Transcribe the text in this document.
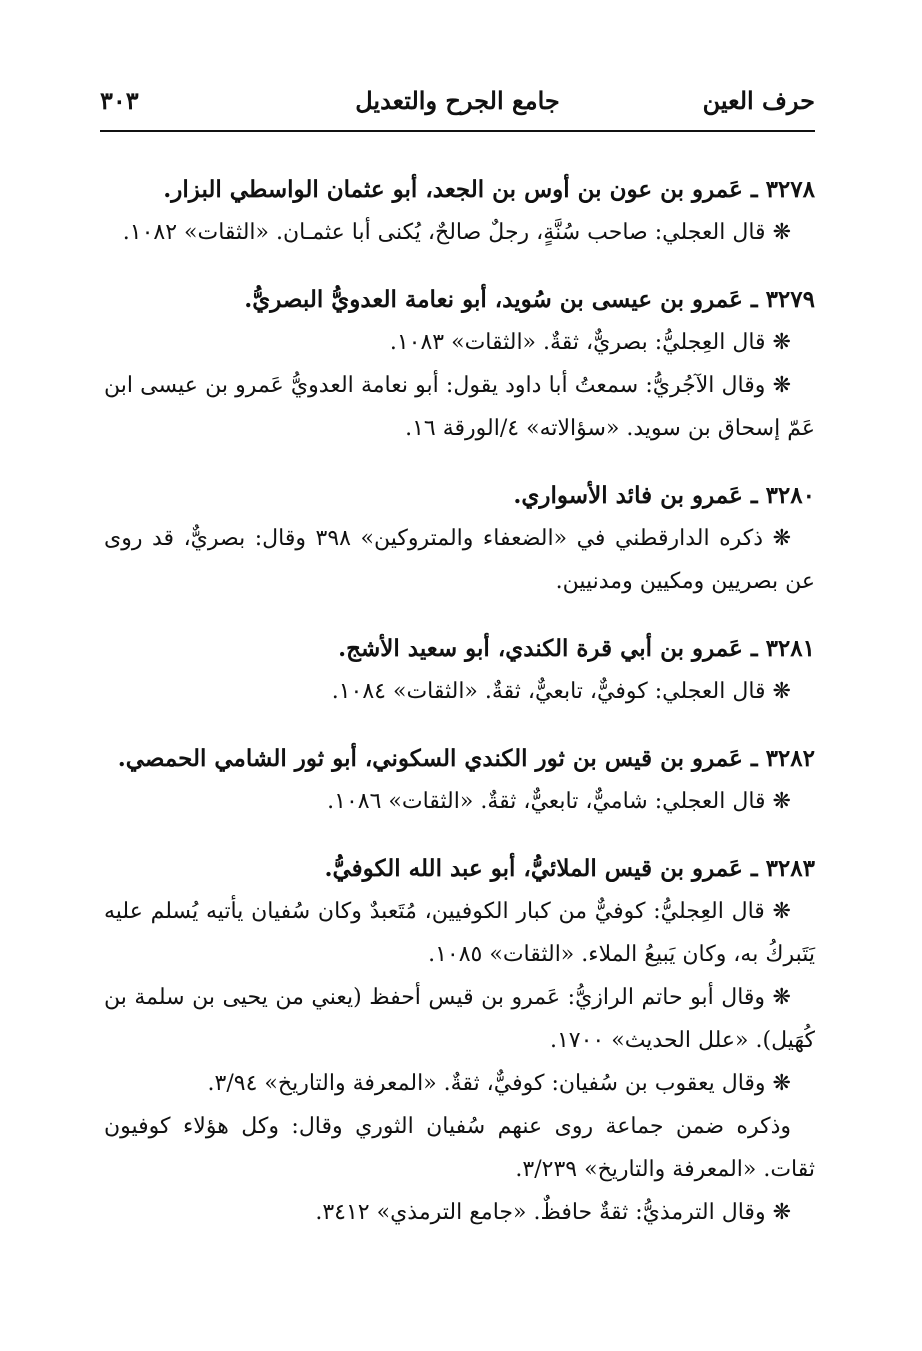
حرف العين
جامع الجرح والتعديل
٣٠٣
٣٢٧٨ ـ عَمرو بن عون بن أوس بن الجعد، أبو عثمان الواسطي البزار.
❋ قال العجلي: صاحب سُنَّةٍ، رجلٌ صالحٌ، يُكنى أبا عثمـان. «الثقات» ١٠٨٢.
٣٢٧٩ ـ عَمرو بن عيسى بن سُويد، أبو نعامة العدويُّ البصريُّ.
❋ قال العِجليُّ: بصريٌّ، ثقةٌ. «الثقات» ١٠٨٣.
❋ وقال الآجُريُّ: سمعتُ أبا داود يقول: أبو نعامة العدويُّ عَمرو بن عيسى ابن عَمّ إسحاق بن سويد. «سؤالاته» ٤/الورقة ١٦.
٣٢٨٠ ـ عَمرو بن فائد الأسواري.
❋ ذكره الدارقطني في «الضعفاء والمتروكين» ٣٩٨ وقال: بصريٌّ، قد روى عن بصريين ومكيين ومدنيين.
٣٢٨١ ـ عَمرو بن أبي قرة الكندي، أبو سعيد الأشج.
❋ قال العجلي: كوفيٌّ، تابعيٌّ، ثقةٌ. «الثقات» ١٠٨٤.
٣٢٨٢ ـ عَمرو بن قيس بن ثور الكندي السكوني، أبو ثور الشامي الحمصي.
❋ قال العجلي: شاميٌّ، تابعيٌّ، ثقةٌ. «الثقات» ١٠٨٦.
٣٢٨٣ ـ عَمرو بن قيس الملائيُّ، أبو عبد الله الكوفيُّ.
❋ قال العِجليُّ: كوفيٌّ من كبار الكوفيين، مُتَعبدٌ وكان سُفيان يأتيه يُسلم عليه يَتَبركُ به، وكان يَبيعُ الملاء. «الثقات» ١٠٨٥.
❋ وقال أبو حاتم الرازيُّ: عَمرو بن قيس أحفظ (يعني من يحيى بن سلمة بن كُهَيل). «علل الحديث» ١٧٠٠.
❋ وقال يعقوب بن سُفيان: كوفيٌّ، ثقةٌ. «المعرفة والتاريخ» ٣/٩٤.
وذكره ضمن جماعة روى عنهم سُفيان الثوري وقال: وكل هؤلاء كوفيون ثقات. «المعرفة والتاريخ» ٣/٢٣٩.
❋ وقال الترمذيُّ: ثقةٌ حافظٌ. «جامع الترمذي» ٣٤١٢.
